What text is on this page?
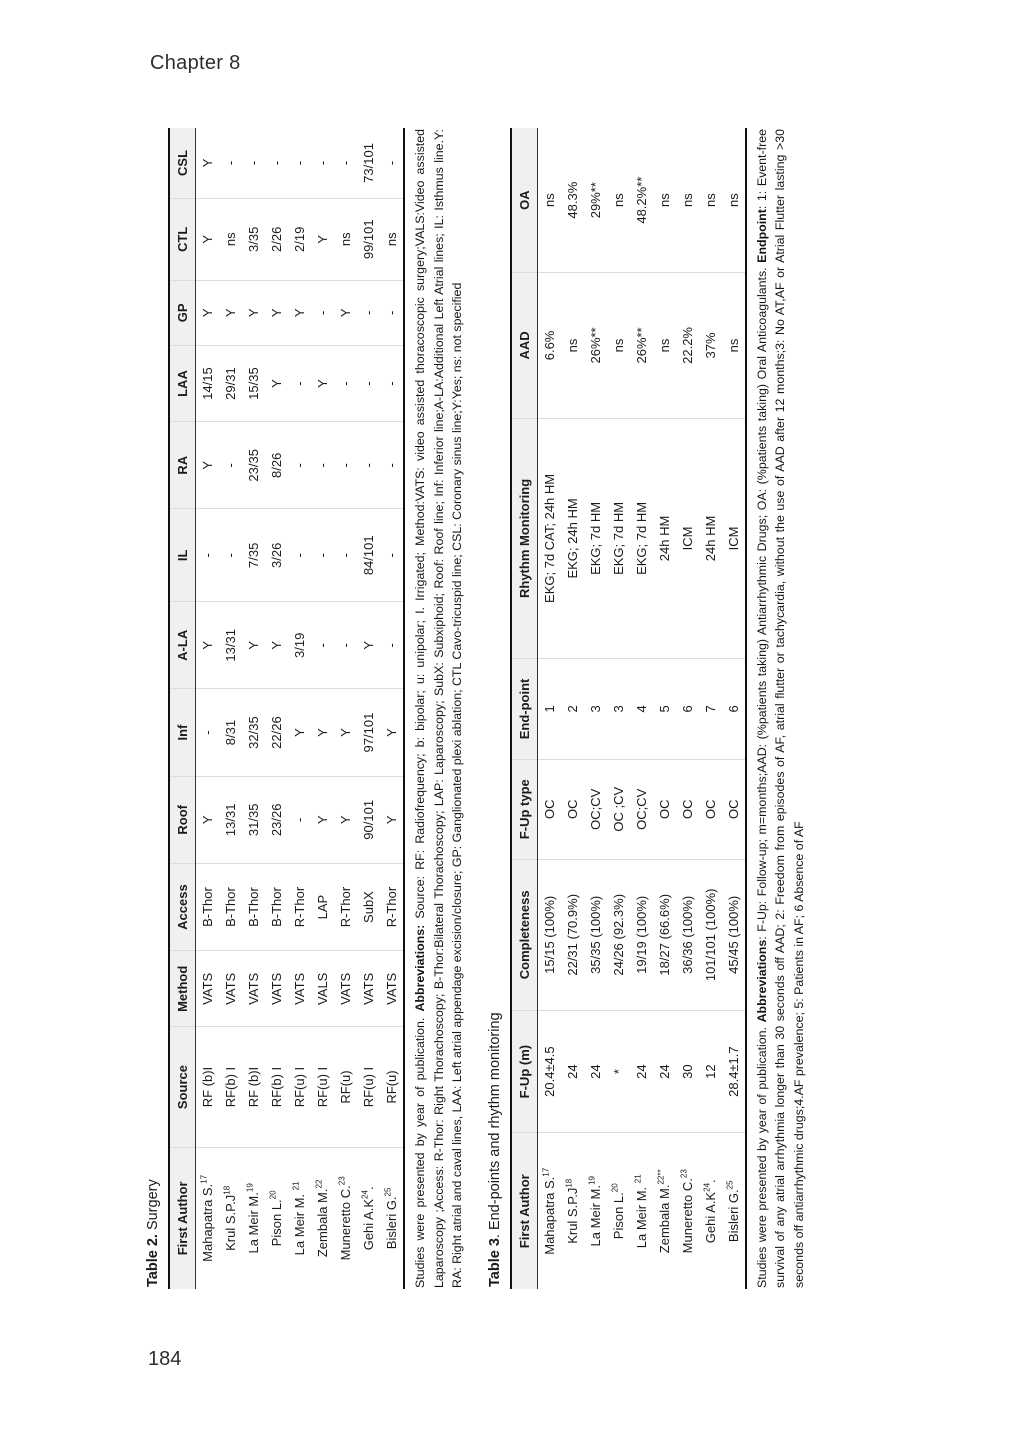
Chapter 8

Table 2. Surgery First Author	Source	Method	Access	Roof	Inf	A-LA	IL	RA	LAA	GP	CTL	CSL
Mahapatra S.$^{17}$	RF (b)I	VATS	B-Thor	Y	-	Y	-	Y	14/15	Y	Y	Y
Krul $S.P.J^{18}$	RF(b) I	VATS	B-Thor	13/31	8/31	13/31	-	-	29/31	Y	ns	-
La Meir M.$^{19}$	RF (b)I	VATS	B-Thor	31/35	32/35	Y	7/35	23/35	15/35	Y	3/35	-
Pison L.$^{20}$	RF(b) I	VATS	B-Thor	23/26	22/26	Y	3/26	8/26	Y	Y	2/26	-
La Meir M. $^{21}$	RF(u) I	VATS	R-Thor	-	Y	3/19	-	-	-	Y	2/19	-
Zembala M.$^{22}$	RF(u) I	VALS	LAP	Y	Y	-	-	-	Y	-	Y	-
Muneretto C.$^{23}$	RF(u)	VATS	R-Thor	Y	Y	-	-	-	-	Y	ns	-
Gehi $A.K^{24}$.	RF(u) I	VATS	SubX	90/101	97/101	Y	84/101	-	-	-	99/101	73/101
Bisleri G.$^{25}$	RF(u)	VATS	R-Thor	Y	Y	-	-	-	-	-	ns	-

Studies were presented by year of publication. Abbreviations: Source: RF: Radiofrequency; b: bipolar; u: unipolar; I. Irrigated; Method:VATS: video assisted thoracoscopic surgery;VALS:Video assisted Laparoscopy ;Access: R-Thor: Right Thorachoscopy; B-Thor:Bilateral Thorachoscopy; LAP: Laparoscopy; SubX: Subxiphoid; Roof: Roof line; Inf: Inferior line;A-LA:Additional Left Atrial lines; IL: Isthmus line.Y: RA: Right atrial and caval lines, LAA: Left atrial appendage excision/closure; GP: Ganglionated plexi ablation; CTL Cavo-tricuspid line; CSL: Coronary sinus line;Y:Yes; ns: not specified Table 3. End-points and rhythm monitoring First Author	F-Up (m)	Completeness	F-Up type	End-point	Rhythm Monitoring	AAD	OA
Mahapatra S.$^{17}$	20.4±4.5	15/15 (100%)	OC	1	EKG; 7d CAT; 24h HM	6.6%	ns
Krul $S.P.J^{18}$	24	22/31 (70.9%)	OC	2	EKG; 24h HM	ns	48.3%
La Meir M.$^{19}$	24	35/35 (100%)	OC;CV	3	EKG; 7d HM	26%**	29%**
Pison L.$^{20}$	*	24/26 (92.3%)	OC ;CV	3	EKG; 7d HM	ns	ns
La Meir M. $^{21}$	24	19/19 (100%)	OC;CV	4	EKG; 7d HM	26%**	48.2%**
Zembala M.$^{22**}$	24	18/27 (66.6%)	OC	5	24h HM	ns	ns
Muneretto C.$^{23}$	30	36/36 (100%)	OC	6	ICM	22.2%	ns
Gehi $A.K^{24}$.	12	101/101 (100%)	OC	7	24h HM	37%	ns
Bisleri G.$^{25}$	28.4±1.7	45/45 (100%)	OC	6	ICM	ns	ns

Studies were presented by year of publication. Abbreviations: F-Up: Follow-up; m=months;AAD: (%patients taking) Antiarrhythmic Drugs; OA: (%patients taking) Oral Anticoagulants. Endpoint: 1: Event-free survival of any atrial arrhythmia longer than 30 seconds off AAD; 2: Freedom from episodes of AF, atrial flutter or tachycardia, without the use of AAD after 12 months;3: No AT,AF or Atrial Flutter lasting >30 seconds off antiarrhythmic drugs;4.AF prevalence; 5: Patients in AF; 6 Absence of AF

184
